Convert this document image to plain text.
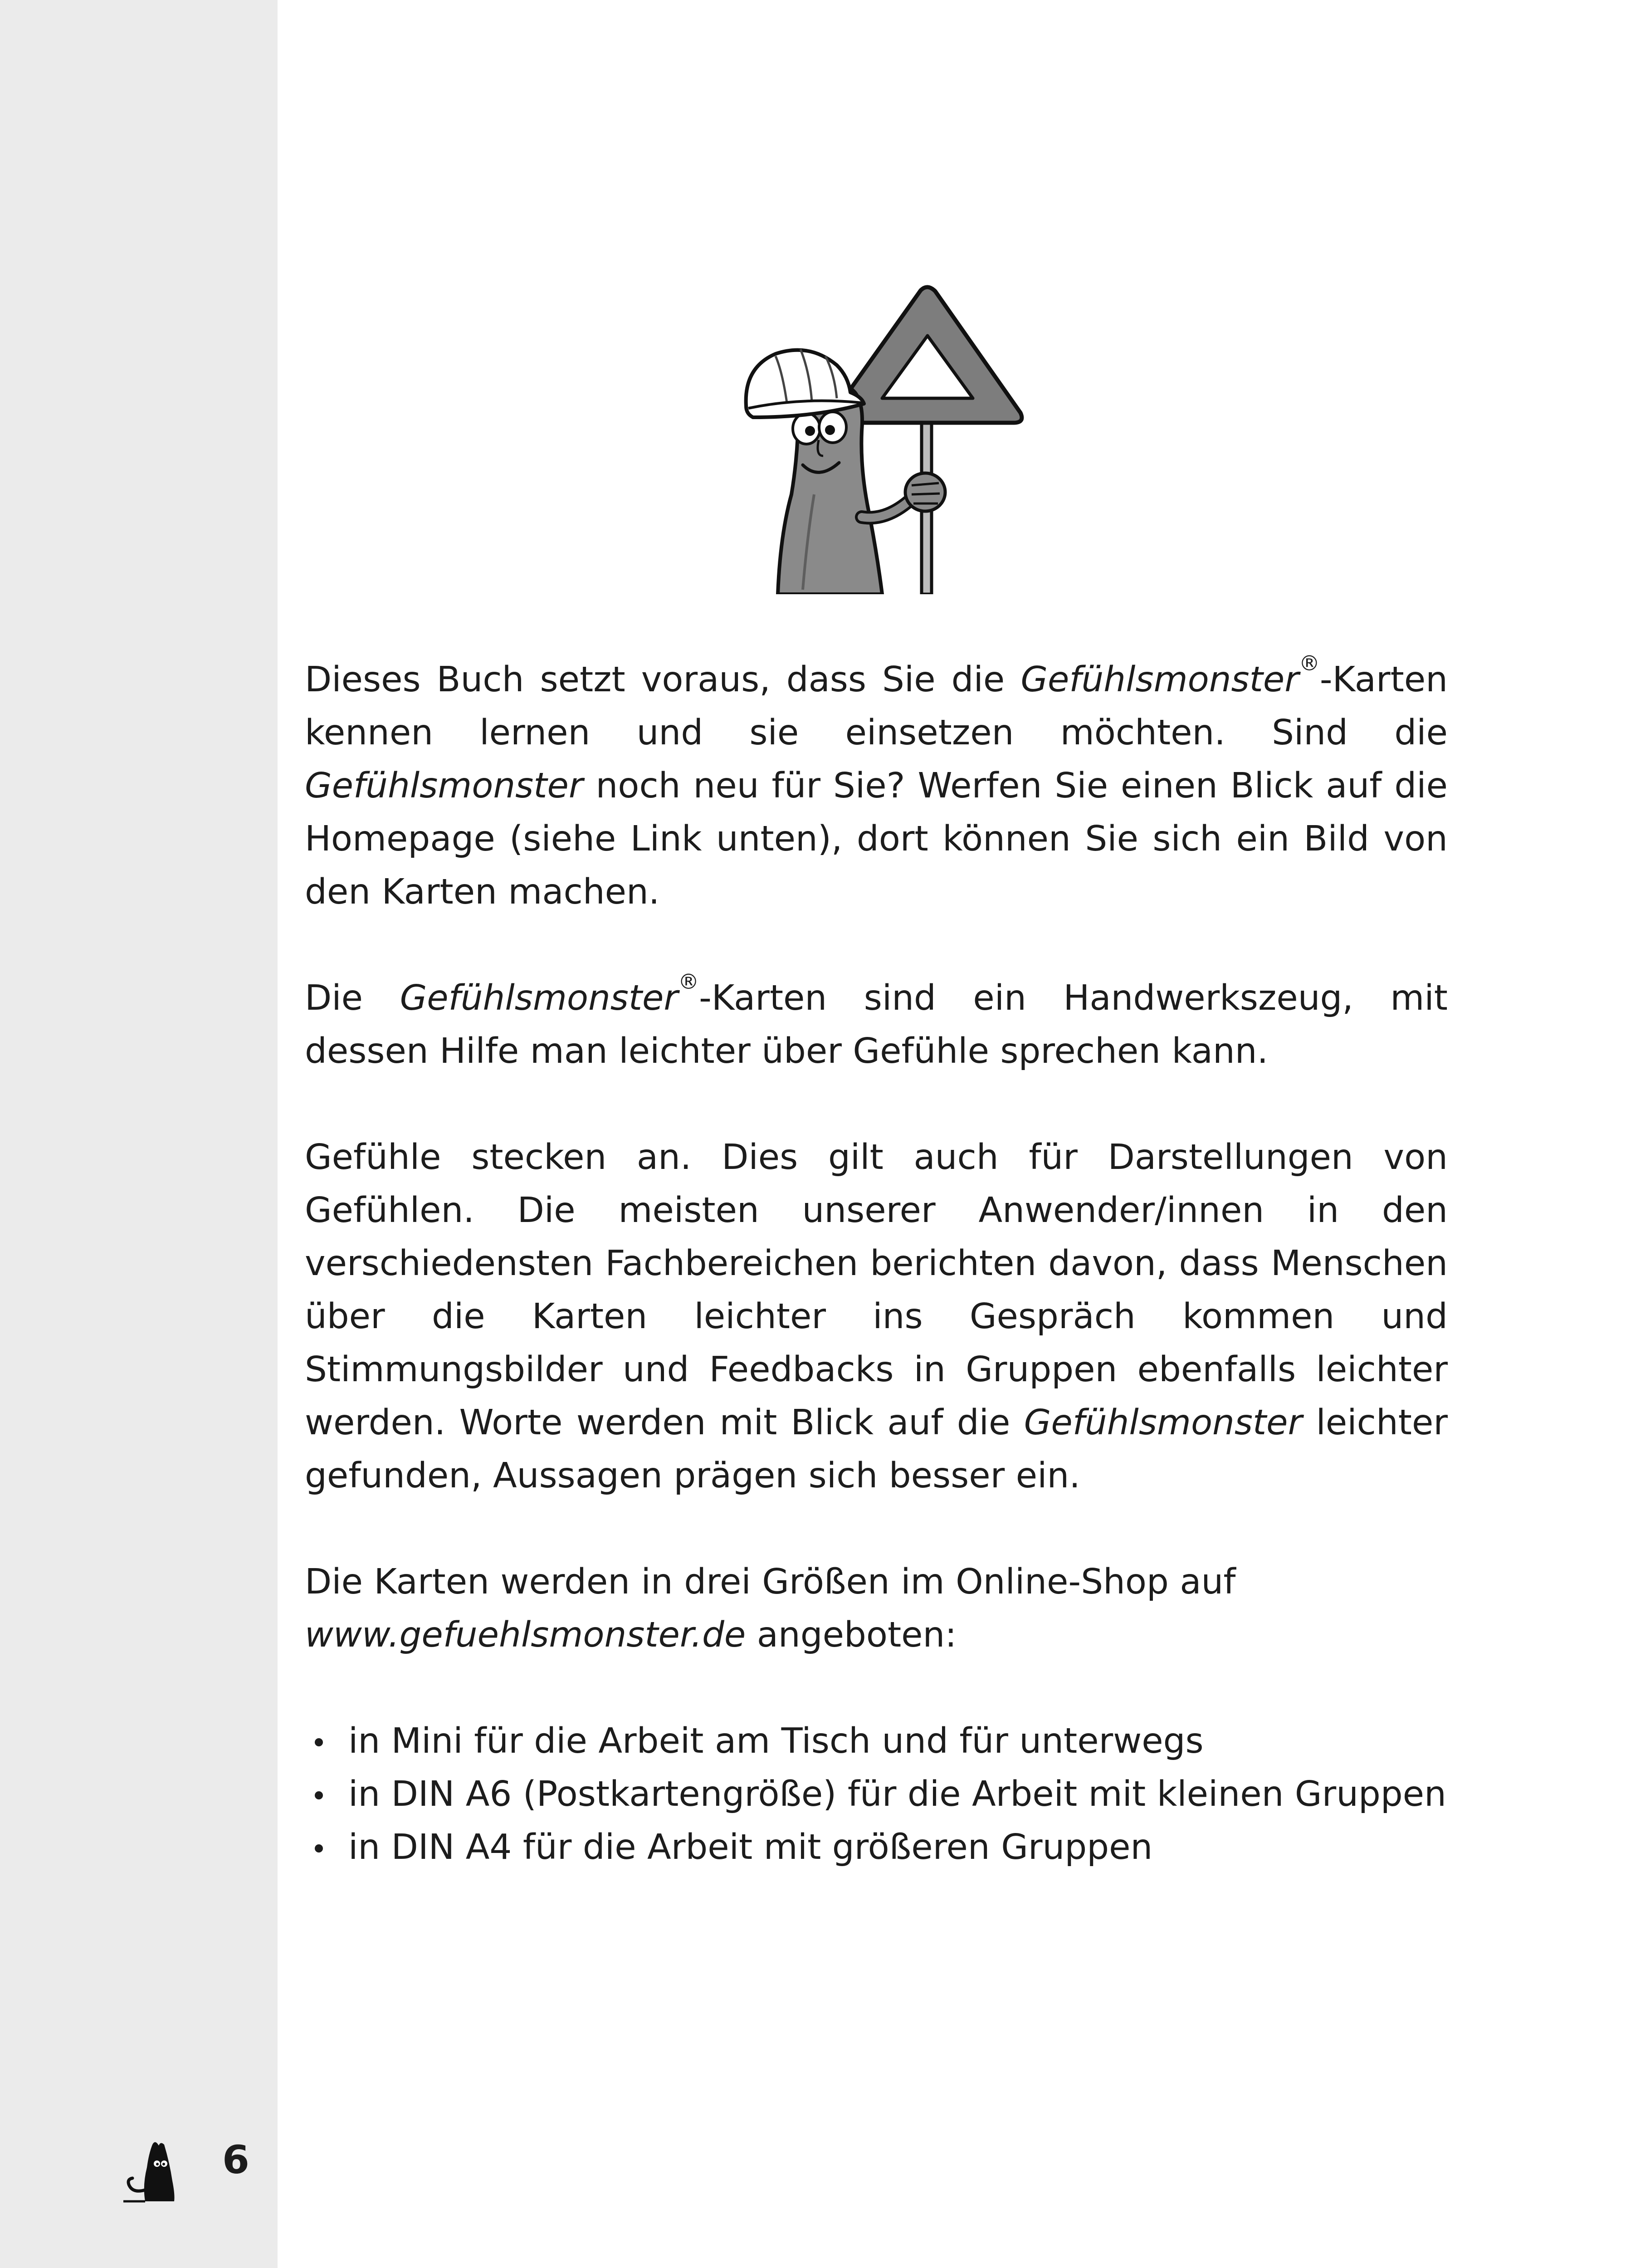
Dieses Buch setzt voraus, dass Sie die Gefühlsmonster®-Karten kennen lernen und sie einsetzen möchten. Sind die Gefühlsmonster noch neu für Sie? Werfen Sie einen Blick auf die Homepage (siehe Link unten), dort können Sie sich ein Bild von den Karten machen.

Die Gefühlsmonster®-Karten sind ein Handwerkszeug, mit dessen Hilfe man leichter über Gefühle sprechen kann.

Gefühle stecken an. Dies gilt auch für Darstellungen von Gefühlen. Die meisten unserer Anwender/innen in den verschiedensten Fachbereichen berichten davon, dass Menschen über die Karten leichter ins Gespräch kommen und Stimmungsbilder und Feedbacks in Gruppen ebenfalls leichter werden. Worte werden mit Blick auf die Gefühlsmonster leichter gefunden, Aussagen prägen sich besser ein.

Die Karten werden in drei Größen im Online-Shop auf
www.gefuehlsmonster.de angeboten:

in Mini für die Arbeit am Tisch und für unterwegs
in DIN A6 (Postkartengröße) für die Arbeit mit kleinen Gruppen
in DIN A4 für die Arbeit mit größeren Gruppen
6
